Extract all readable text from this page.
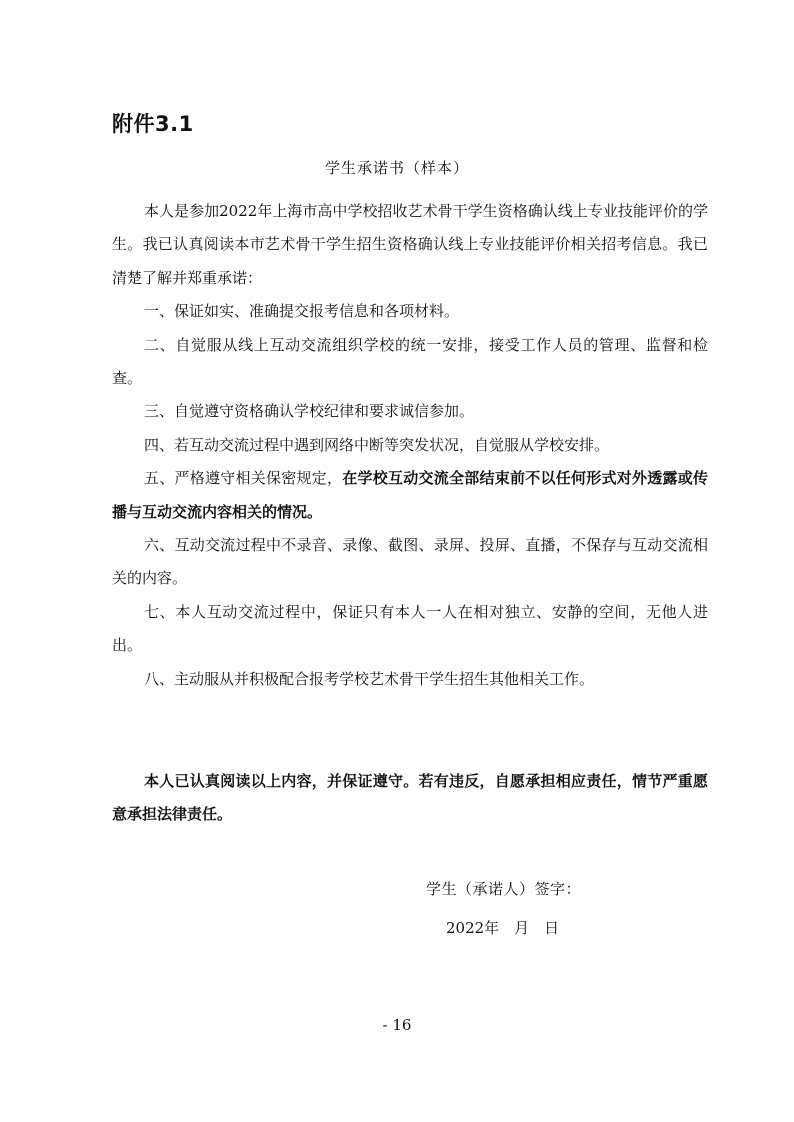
附件3.1
学生承诺书（样本）

本人是参加2022年上海市高中学校招收艺术骨干学生资格确认线上专业技能评价的学生。我已认真阅读本市艺术骨干学生招生资格确认线上专业技能评价相关招考信息。我已清楚了解并郑重承诺：

一、保证如实、准确提交报考信息和各项材料。

二、自觉服从线上互动交流组织学校的统一安排，接受工作人员的管理、监督和检查。

三、自觉遵守资格确认学校纪律和要求诚信参加。

四、若互动交流过程中遇到网络中断等突发状况，自觉服从学校安排。

五、严格遵守相关保密规定，在学校互动交流全部结束前不以任何形式对外透露或传播与互动交流内容相关的情况。

六、互动交流过程中不录音、录像、截图、录屏、投屏、直播，不保存与互动交流相关的内容。

七、本人互动交流过程中，保证只有本人一人在相对独立、安静的空间，无他人进出。

八、主动服从并积极配合报考学校艺术骨干学生招生其他相关工作。

本人已认真阅读以上内容，并保证遵守。若有违反，自愿承担相应责任，情节严重愿意承担法律责任。

学生（承诺人）签字：
2022年　月　日
- 16
